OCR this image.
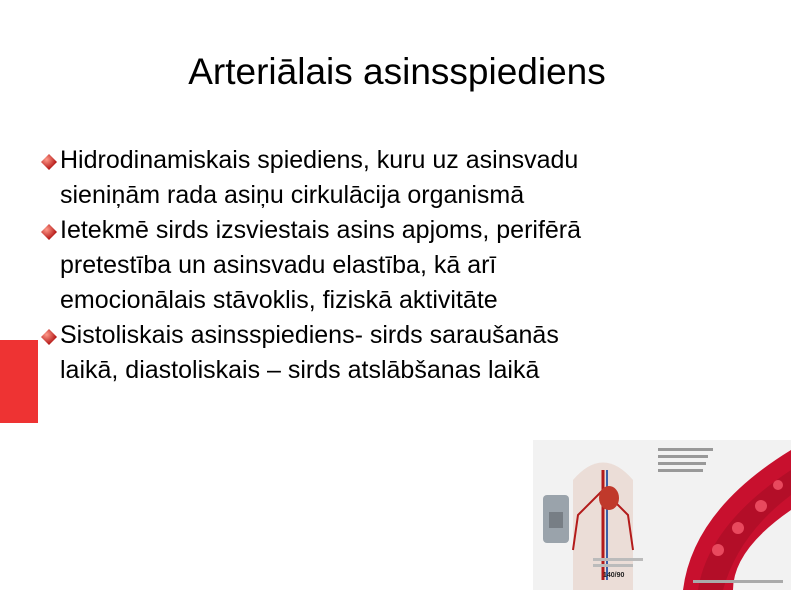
Arteriālais asinsspiediens
Hidrodinamiskais spiediens, kuru uz asinsvadu
sieniņām rada asiņu cirkulācija organismā
Ietekmē sirds izsviestais asins apjoms, perifērā
pretestība un asinsvadu elastība, kā arī
emocionālais stāvoklis, fiziskā aktivitāte
Sistoliskais asinsspiediens- sirds saraušanās
laikā, diastoliskais – sirds atslābšanas laikā
140/90
